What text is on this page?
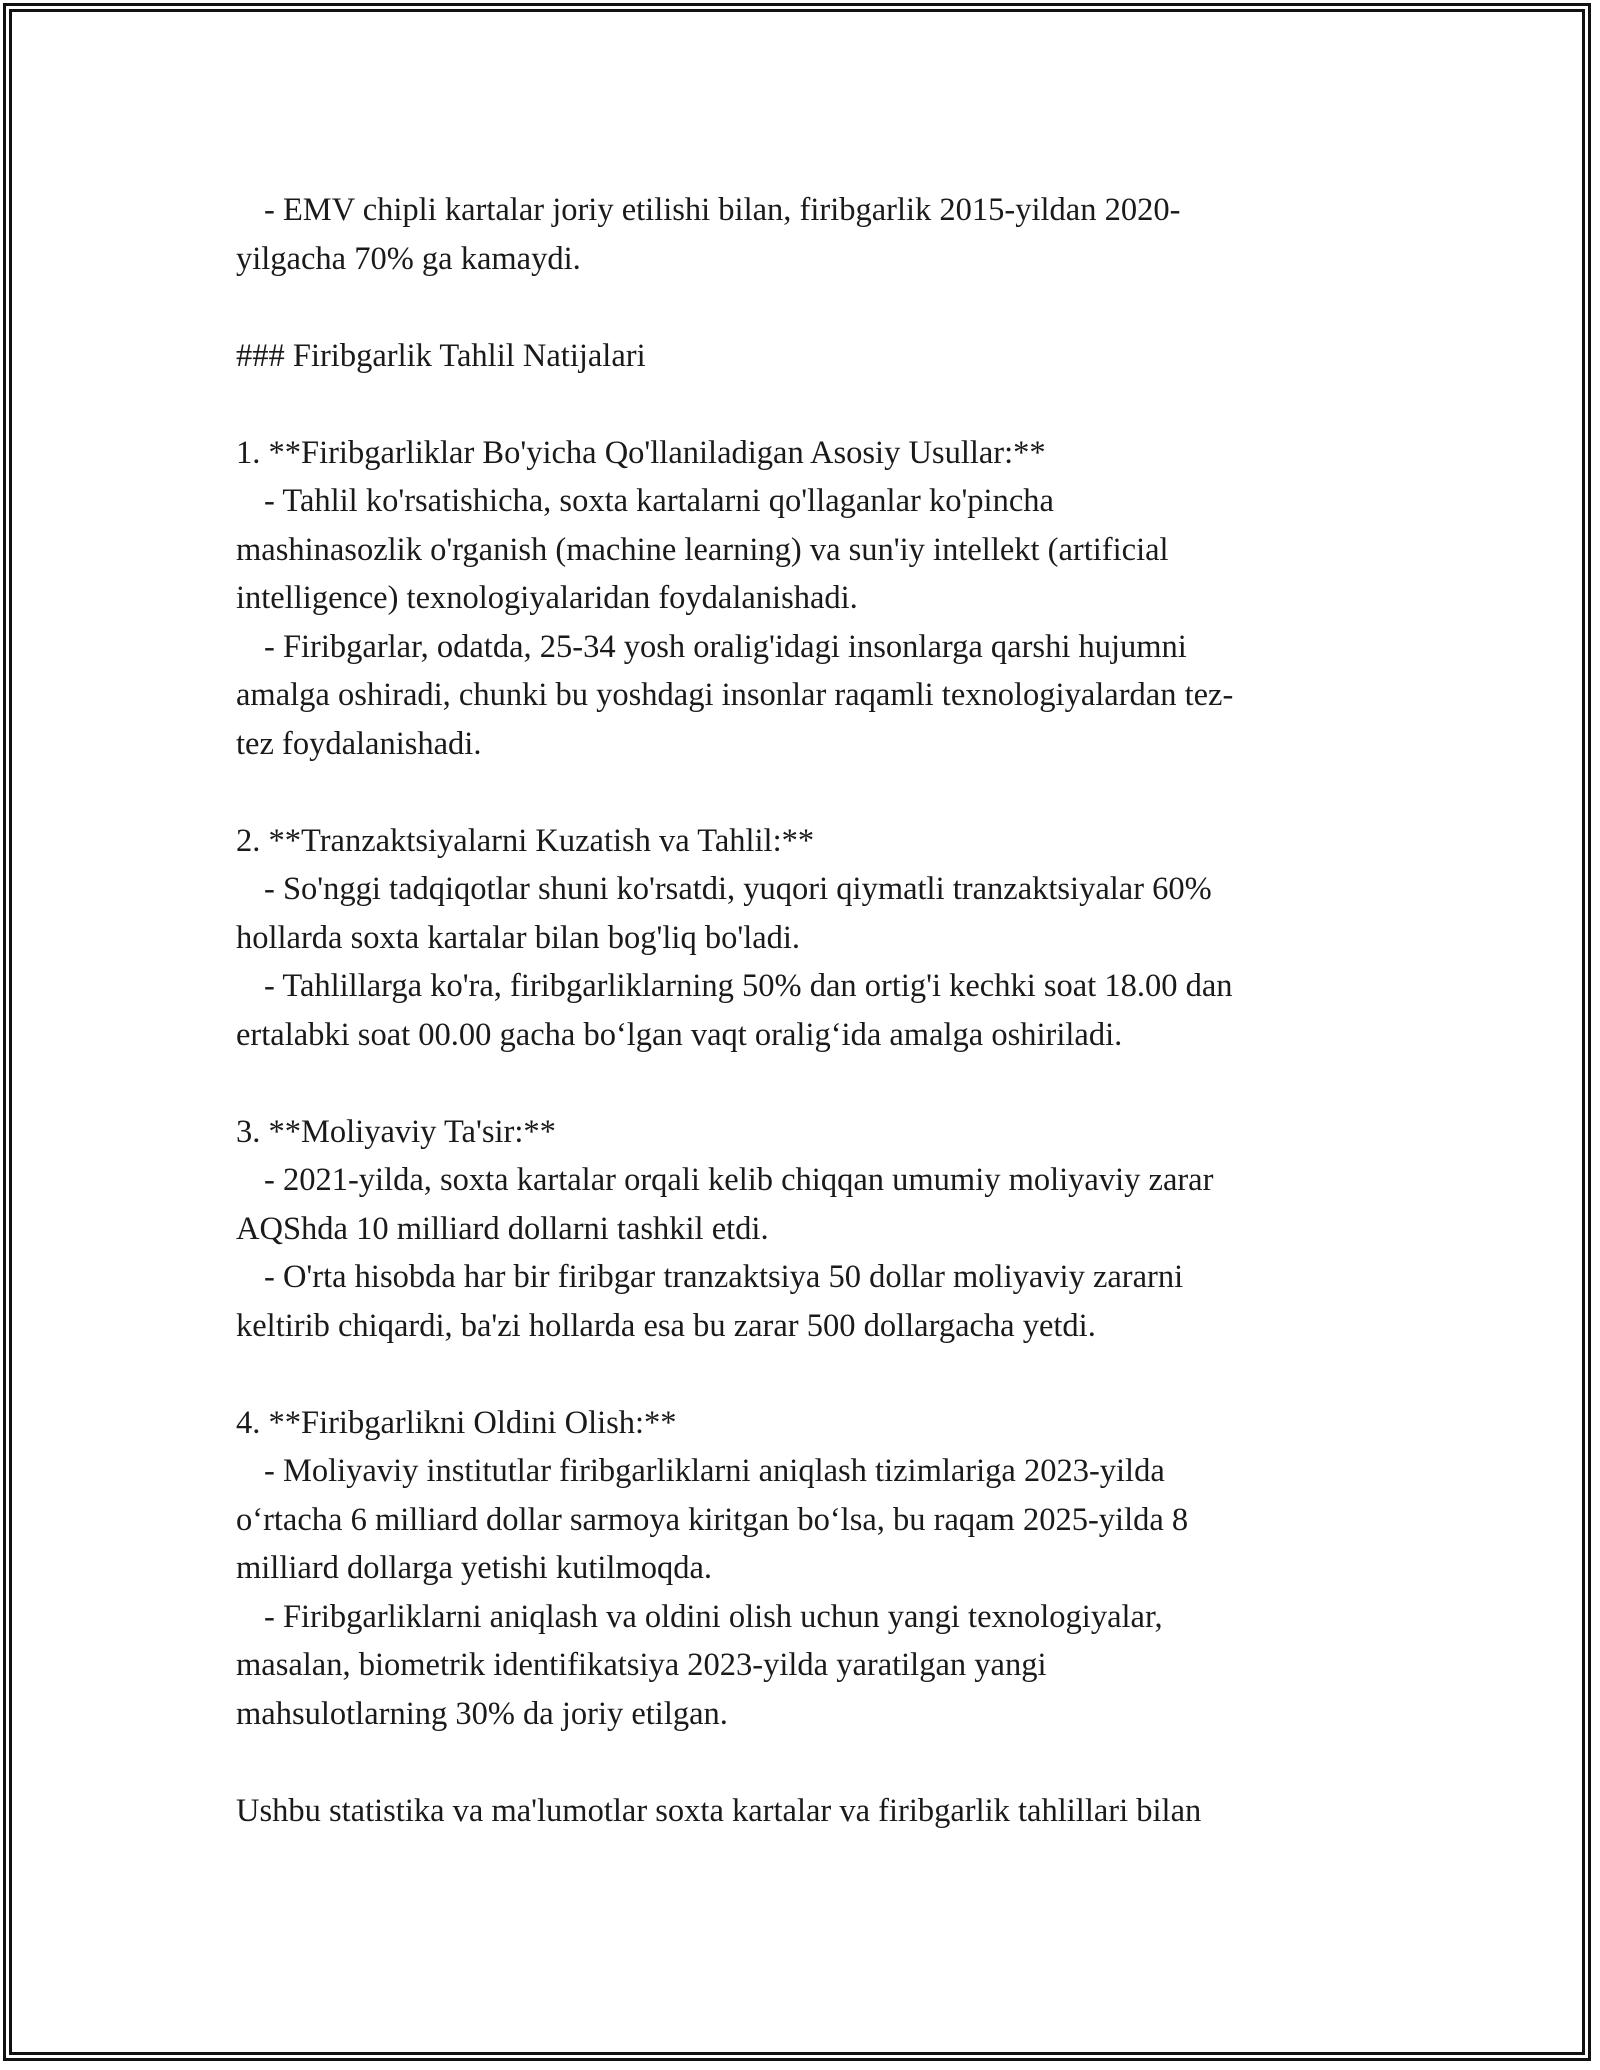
- EMV chipli kartalar joriy etilishi bilan, firibgarlik 2015-yildan 2020-
yilgacha 70% ga kamaydi.
### Firibgarlik Tahlil Natijalari
1. **Firibgarliklar Bo'yicha Qo'llaniladigan Asosiy Usullar:**
- Tahlil ko'rsatishicha, soxta kartalarni qo'llaganlar ko'pincha
mashinasozlik o'rganish (machine learning) va sun'iy intellekt (artificial
intelligence) texnologiyalaridan foydalanishadi.
- Firibgarlar, odatda, 25-34 yosh oralig'idagi insonlarga qarshi hujumni
amalga oshiradi, chunki bu yoshdagi insonlar raqamli texnologiyalardan tez-
tez foydalanishadi.
2. **Tranzaktsiyalarni Kuzatish va Tahlil:**
- So'nggi tadqiqotlar shuni ko'rsatdi, yuqori qiymatli tranzaktsiyalar 60%
hollarda soxta kartalar bilan bog'liq bo'ladi.
- Tahlillarga ko'ra, firibgarliklarning 50% dan ortig'i kechki soat 18.00 dan
ertalabki soat 00.00 gacha bo‘lgan vaqt oralig‘ida amalga oshiriladi.
3. **Moliyaviy Ta'sir:**
- 2021-yilda, soxta kartalar orqali kelib chiqqan umumiy moliyaviy zarar
AQShda 10 milliard dollarni tashkil etdi.
- O'rta hisobda har bir firibgar tranzaktsiya 50 dollar moliyaviy zararni
keltirib chiqardi, ba'zi hollarda esa bu zarar 500 dollargacha yetdi.
4. **Firibgarlikni Oldini Olish:**
- Moliyaviy institutlar firibgarliklarni aniqlash tizimlariga 2023-yilda
o‘rtacha 6 milliard dollar sarmoya kiritgan bo‘lsa, bu raqam 2025-yilda 8
milliard dollarga yetishi kutilmoqda.
- Firibgarliklarni aniqlash va oldini olish uchun yangi texnologiyalar,
masalan, biometrik identifikatsiya 2023-yilda yaratilgan yangi
mahsulotlarning 30% da joriy etilgan.
Ushbu statistika va ma'lumotlar soxta kartalar va firibgarlik tahlillari bilan
